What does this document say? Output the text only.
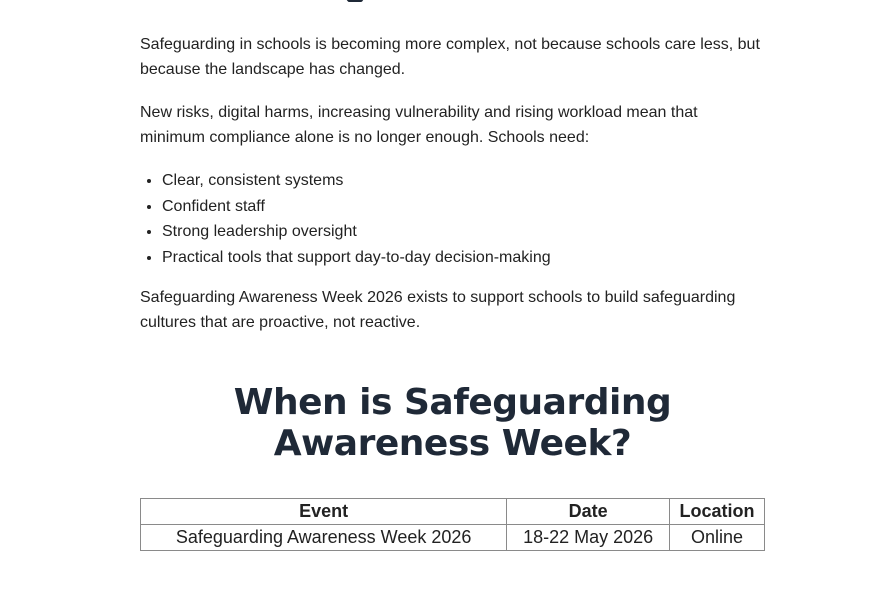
Safeguarding in schools is becoming more complex, not because schools care less, but because the landscape has changed.

New risks, digital harms, increasing vulnerability and rising workload mean that minimum compliance alone is no longer enough. Schools need:

• Clear, consistent systems
• Confident staff
• Strong leadership oversight
• Practical tools that support day-to-day decision-making

Safeguarding Awareness Week 2026 exists to support schools to build safeguarding cultures that are proactive, not reactive.

When is Safeguarding Awareness Week?
Event	Date	Location
Safeguarding Awareness Week 2026	18-22 May 2026	Online
